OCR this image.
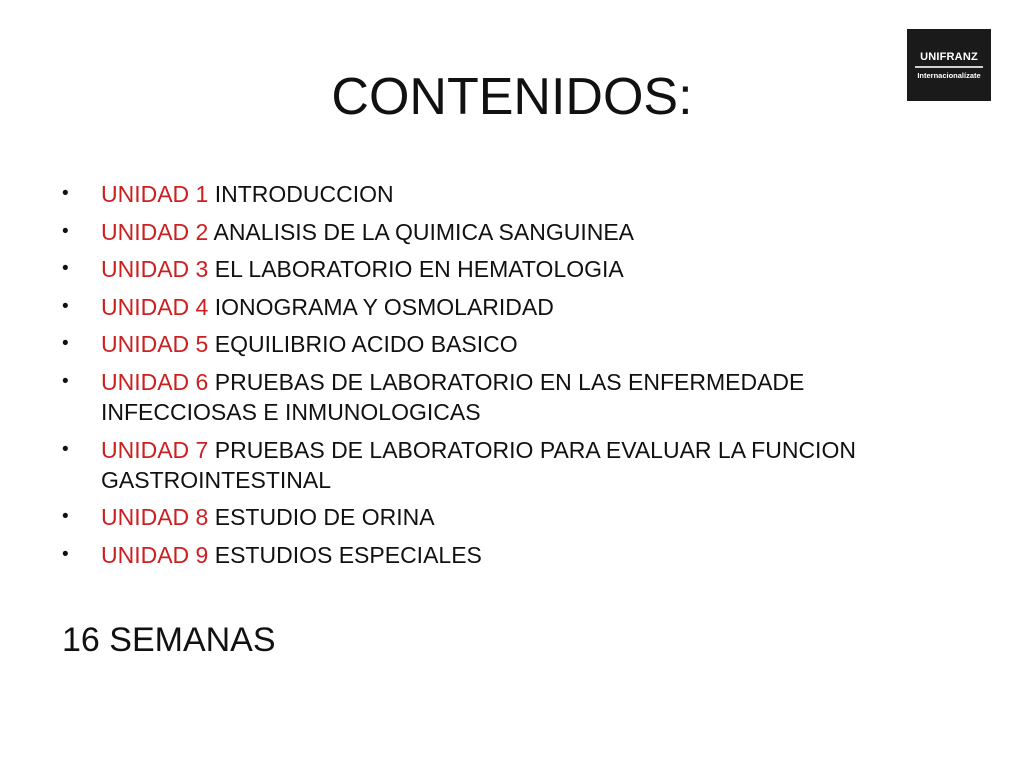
UNIFRANZ
Internacionalízate
CONTENIDOS:
• UNIDAD 1 INTRODUCCION
• UNIDAD 2 ANALISIS DE LA QUIMICA SANGUINEA
• UNIDAD 3 EL LABORATORIO EN HEMATOLOGIA
• UNIDAD 4 IONOGRAMA Y OSMOLARIDAD
• UNIDAD 5 EQUILIBRIO ACIDO BASICO
• UNIDAD 6 PRUEBAS DE LABORATORIO EN LAS ENFERMEDADE INFECCIOSAS E INMUNOLOGICAS
• UNIDAD 7 PRUEBAS DE LABORATORIO PARA EVALUAR LA FUNCION GASTROINTESTINAL
• UNIDAD 8 ESTUDIO DE ORINA
• UNIDAD 9 ESTUDIOS ESPECIALES
16 SEMANAS
